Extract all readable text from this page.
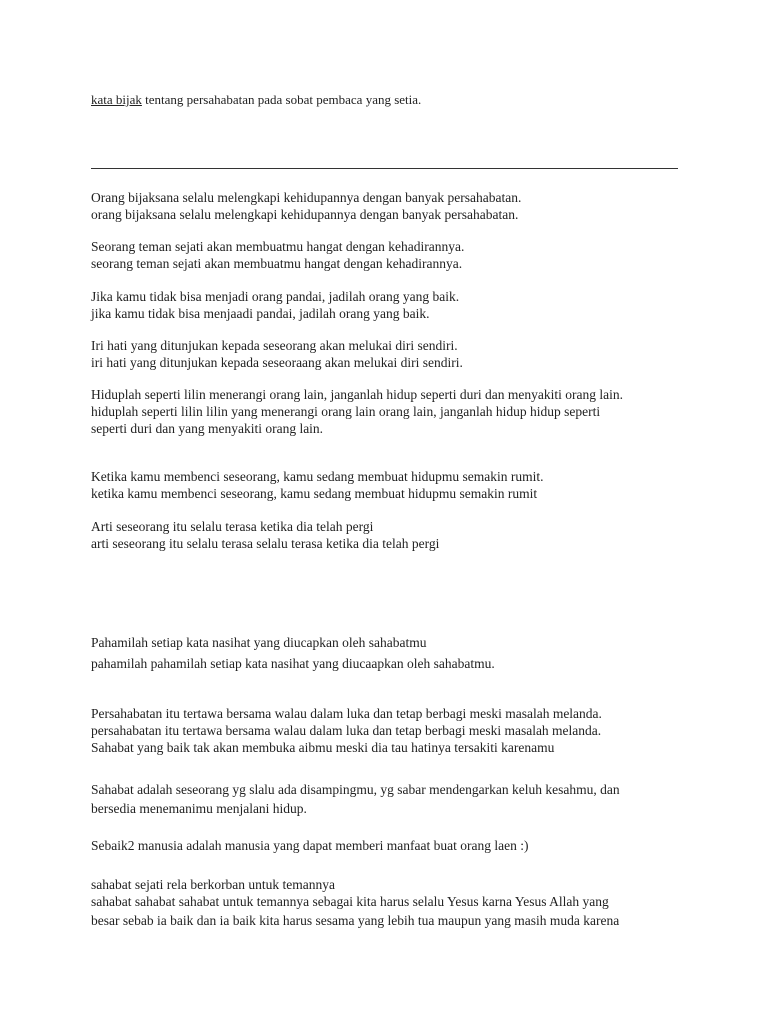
kata bijak tentang persahabatan pada sobat pembaca yang setia.
Orang bijaksana selalu melengkapi kehidupannya dengan banyak persahabatan.
orang bijaksana selalu melengkapi kehidupannya dengan banyak persahabatan.
Seorang teman sejati akan membuatmu hangat dengan kehadirannya.
seorang teman sejati akan membuatmu hangat dengan kehadirannya.
Jika kamu tidak bisa menjadi orang pandai, jadilah orang yang baik.
jika kamu tidak bisa menjaadi pandai, jadilah orang yang baik.
Iri hati yang ditunjukan kepada seseorang akan melukai diri sendiri.
iri hati yang ditunjukan kepada seseoraang akan melukai diri sendiri.
Hiduplah seperti lilin menerangi orang lain, janganlah hidup seperti duri dan menyakiti orang lain.
hiduplah seperti lilin lilin yang menerangi orang lain orang lain, janganlah hidup hidup seperti
seperti duri dan yang menyakiti orang lain.
Ketika kamu membenci seseorang, kamu sedang membuat hidupmu semakin rumit.
ketika kamu membenci seseorang, kamu sedang membuat hidupmu semakin rumit
Arti seseorang itu selalu terasa ketika dia telah pergi
arti seseorang itu selalu terasa selalu terasa ketika dia telah pergi
Pahamilah setiap kata nasihat yang diucapkan oleh sahabatmu
pahamilah pahamilah setiap kata nasihat yang diucaapkan oleh sahabatmu.
Persahabatan itu tertawa bersama walau dalam luka dan tetap berbagi meski masalah melanda.
persahabatan itu tertawa bersama walau dalam luka dan tetap berbagi meski masalah melanda.
Sahabat yang baik tak akan membuka aibmu meski dia tau hatinya tersakiti karenamu
Sahabat adalah seseorang yg slalu ada disampingmu, yg sabar mendengarkan keluh kesahmu, dan
bersedia menemanimu menjalani hidup.
Sebaik2 manusia adalah manusia yang dapat memberi manfaat buat orang laen :)
sahabat sejati rela berkorban untuk temannya
sahabat sahabat sahabat untuk temannya sebagai kita harus selalu Yesus karna Yesus Allah yang
besar sebab ia baik dan ia baik kita harus sesama yang lebih tua maupun yang masih muda karena
